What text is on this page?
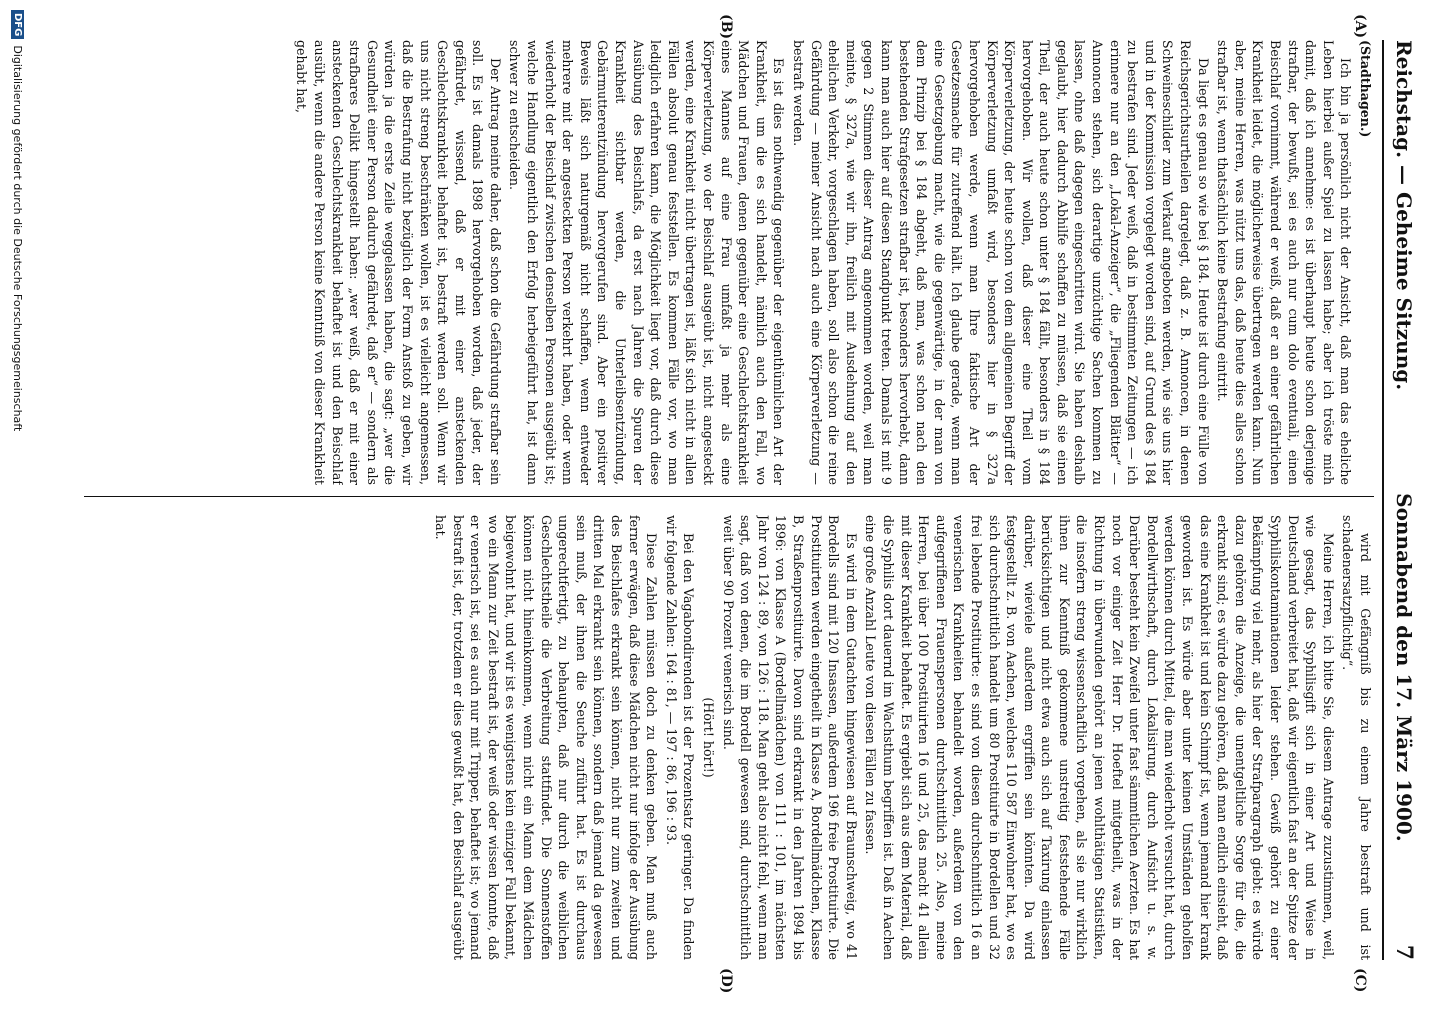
Reichstag. — Geheime Sitzung.
Sonnabend den 17. März 1900.
7
(A)
(B)
(C)
(D)

(Stadthagen.)

Ich bin ja persönlich nicht der Ansicht, daß man das eheliche Leben hierbei außer Spiel zu lassen habe; aber ich tröste mich damit, daß ich annehme: es ist überhaupt heute schon derjenige strafbar, der bewußt, sei es auch nur cum dolo eventuali, einen Beischlaf vornimmt, während er weiß, daß er an einer gefährlichen Krankheit leidet, die möglicherweise übertragen werden kann. Nun aber, meine Herren, was nützt uns das, daß heute dies alles schon strafbar ist, wenn thatsächlich keine Bestrafung eintritt.

Da liegt es genau so wie bei § 184. Heute ist durch eine Fülle von Reichsgerichtsurtheilen dargelegt, daß z. B. Annoncen, in denen Schweineschilder zum Verkauf angeboten werden, wie sie uns hier und in der Kommission vorgelegt worden sind, auf Grund des § 184 zu bestrafen sind. Jeder weiß, daß in bestimmten Zeitungen — ich erinnere nur an den „Lokal-Anzeiger“, die „Fliegenden Blätter“ — Annoncen stehen, sich derartige unzüchtige Sachen kommen zu lassen, ohne daß dagegen eingeschritten wird. Sie haben deshalb geglaubt, hier dadurch Abhilfe schaffen zu müssen, daß sie einen Theil, der auch heute schon unter § 184 fällt, besonders in § 184 hervorgehoben. Wir wollen, daß dieser eine Theil vom Körperverletzung, der heute schon von dem allgemeinen Begriff der Körperverletzung umfaßt wird, besonders hier in § 327a hervorgehoben werde, wenn man Ihre faktische Art der Gesetzesmache für zutreffend hält. Ich glaube gerade, wenn man eine Gesetzgebung macht, wie die gegenwärtige, in der man von dem Prinzip bei § 184 abgeht, daß man, was schon nach den bestehenden Strafgesetzen strafbar ist, besonders hervorhebt, dann kann man auch hier auf diesen Standpunkt treten. Damals ist mit 9 gegen 2 Stimmen dieser Antrag angenommen worden, weil man meinte, § 327a, wie wir ihn, freilich mit Ausdehnung auf den ehelichen Verkehr, vorgeschlagen haben, soll also schon die reine Gefährdung — meiner Ansicht nach auch eine Körperverletzung — bestraft werden.

Es ist dies nothwendig gegenüber der eigenthümlichen Art der Krankheit, um die es sich handelt, nämlich auch den Fall, wo Mädchen und Frauen, denen gegenüber eine Geschlechtskrankheit eines Mannes auf eine Frau umfaßt ja mehr als eine Körperverletzung, wo der Beischlaf ausgeübt ist, nicht angesteckt werden, eine Krankheit nicht übertragen ist, läßt sich nicht in allen Fällen absolut genau feststellen. Es kommen Fälle vor, wo man lediglich erfahren kann, die Möglichkeit liegt vor, daß durch diese Ausübung des Beischlafs, da erst nach Jahren die Spuren der Krankheit sichtbar werden, die Unterleibsentzündung, Gebärmutterentzündung hervorgerufen sind. Aber ein positiver Beweis läßt sich naturgemäß nicht schaffen, wenn entweder mehrere mit der angesteckten Person verkehrt haben, oder wenn wiederholt der Beischlaf zwischen denselben Personen ausgeübt ist; welche Handlung eigentlich den Erfolg herbeigeführt hat, ist dann schwer zu entscheiden.

Der Antrag meinte daher, daß schon die Gefährdung strafbar sein soll. Es ist damals 1898 hervorgehoben worden, daß jeder, der gefährdet, wissend, daß er mit einer ansteckenden Geschlechtskrankheit behaftet ist, bestraft werden soll. Wenn wir uns nicht streng beschränken wollen, ist es vielleicht angemessen, daß die Bestrafung nicht bezüglich der Form Anstoß zu geben, wir würden ja die erste Zeile weggelassen haben, die sagt: „wer die Gesundheit einer Person dadurch gefährdet, daß er“ — sondern als strafbares Delikt hingestellt haben: „wer weiß, daß er mit einer ansteckenden Geschlechtskrankheit behaftet ist und den Beischlaf ausübt, wenn die andere Person keine Kenntniß von dieser Krankheit gehabt hat,

wird mit Gefängniß bis zu einem Jahre bestraft und ist schadenersatzpflichtig“.

Meine Herren, ich bitte Sie, diesem Antrage zuzustimmen, weil, wie gesagt, das Syphilisgift sich in einer Art und Weise in Deutschland verbreitet hat, daß wir eigentlich fast an der Spitze der Syphiliskontaminationen leider stehen. Gewiß gehört zu einer Bekämpfung viel mehr, als hier der Strafparagraph giebt: es würde dazu gehören die Anzeige, die unentgeltliche Sorge für die, die erkrankt sind; es würde dazu gehören, daß man endlich einsieht, daß das eine Krankheit ist und kein Schimpf ist, wenn jemand hier krank geworden ist. Es würde aber unter keinen Umständen geholfen werden können durch Mittel, die man wiederholt versucht hat, durch Bordellwirthschaft, durch Lokalisirung, durch Aufsicht u. s. w. Darüber besteht kein Zweifel unter fast sämmtlichen Aerzten. Es hat noch vor einiger Zeit Herr Dr. Hoeftel mitgetheilt, was in der Richtung in überwunden gehört an jenen wohlthätigen Statistiken, die insofern streng wissenschaftlich vorgehen, als sie nur wirklich ihnen zur Kenntniß gekommene unstreitig feststehende Fälle berücksichtigen und nicht etwa auch sich auf Taxirung einlassen darüber, wieviele außerdem ergriffen sein könnten. Da wird festgestellt z. B. von Aachen, welches 110 587 Einwohner hat, wo es sich durchschnittlich handelt um 80 Prostituirte in Bordellen und 32 frei lebende Prostituirte: es sind von diesen durchschnittlich 16 an venerischen Krankheiten behandelt worden, außerdem von den aufgegriffenen Frauenspersonen durchschnittlich 25. Also, meine Herren, bei über 100 Prostituirten 16 und 25, das macht 41 allein mit dieser Krankheit behaftet. Es ergiebt sich aus dem Material, daß die Syphilis dort dauernd im Wachsthum begriffen ist. Daß in Aachen eine große Anzahl Leute von diesen Fällen zu fassen.

Es wird in dem Gutachten hingewiesen auf Braunschweig, wo 41 Bordells sind mit 120 Insassen, außerdem 196 freie Prostituirte. Die Prostituirten werden eingetheilt in Klasse A, Bordellmädchen, Klasse B, Straßenprostituirte. Davon sind erkrankt in den Jahren 1894 bis 1896: von Klasse A (Bordellmädchen) von 111 : 101, im nächsten Jahr von 124 : 89, von 126 : 118. Man geht also nicht fehl, wenn man sagt, daß von denen, die im Bordell gewesen sind, durchschnittlich weit über 90 Prozent venerisch sind.

(Hört! hört!)

Bei den Vagabondirenden ist der Prozentsatz geringer. Da finden wir folgende Zahlen: 164 : 81, — 197 : 86, 196 : 93.

Diese Zahlen müssen doch zu denken geben. Man muß auch ferner erwägen, daß diese Mädchen nicht nur infolge der Ausübung des Beischlafes erkrankt sein können, nicht nur zum zweiten und dritten Mal erkrankt sein können, sondern daß jemand da gewesen sein muß, der ihnen die Seuche zuführt hat. Es ist durchaus ungerechtfertigt, zu behaupten, daß nur durch die weiblichen Geschlechtstheile die Verbreitung stattfindet. Die Sonnenstoffen können nicht hineinkommen, wenn nicht ein Mann dem Mädchen beigewohnt hat, und wir ist es wenigstens kein einziger Fall bekannt, wo ein Mann zur Zeit bestraft ist, der weiß oder wissen konnte, daß er venerisch ist, sei es auch nur mit Tripper, behaftet ist; wo jemand bestraft ist, der, trotzdem er dies gewußt hat, den Beischlaf ausgeübt hat.

DFG
Digitalisierung gefördert durch die Deutsche Forschungsgemeinschaft
